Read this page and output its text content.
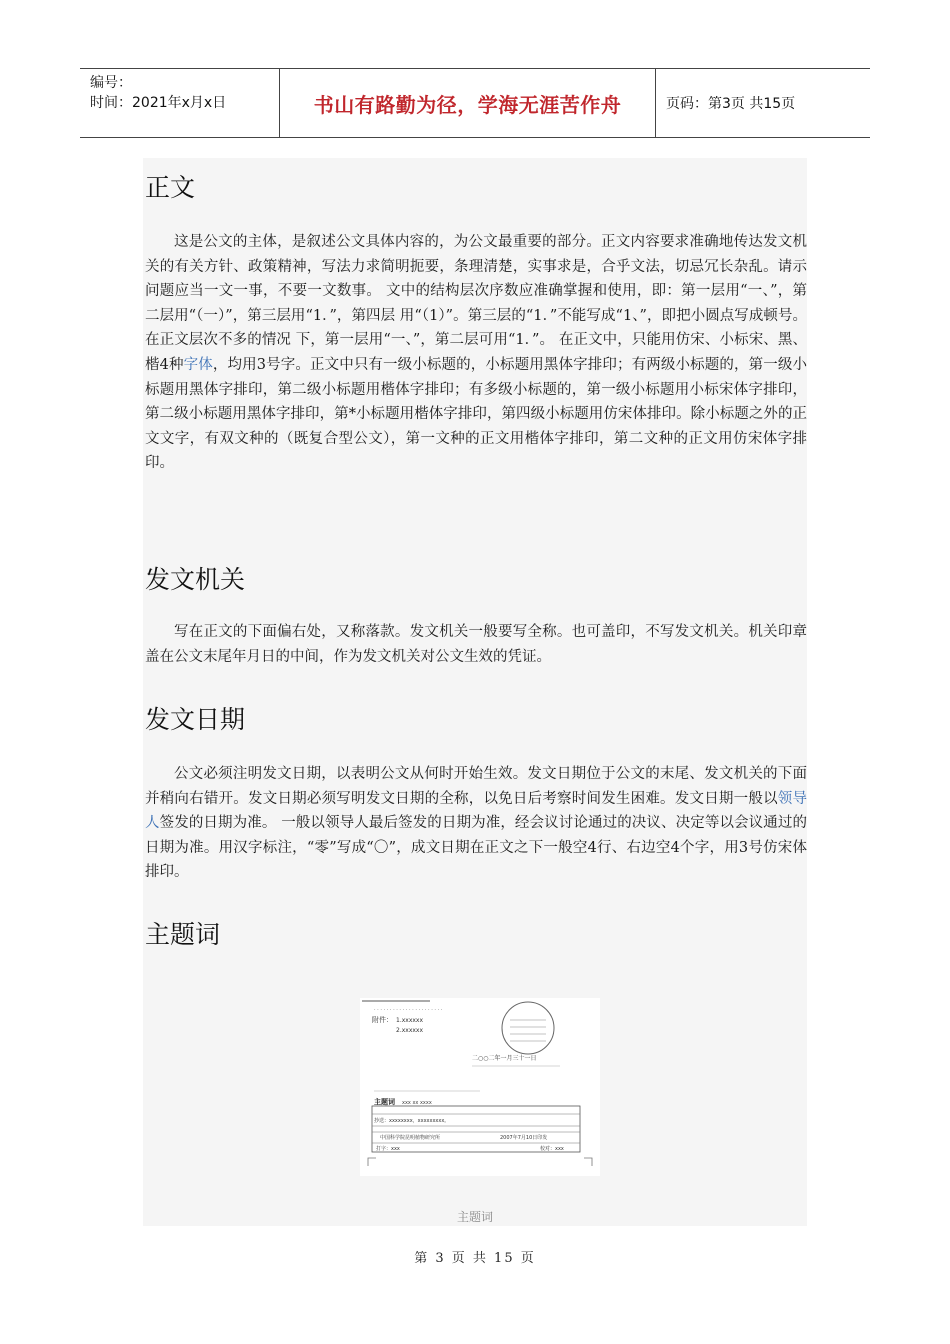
编号：
时间：2021年x月x日	书山有路勤为径，学海无涯苦作舟	页码：第3页 共15页
正文
这是公文的主体，是叙述公文具体内容的，为公文最重要的部分。正文内容要求准确地传达发文机关的有关方针、政策精神，写法力求简明扼要，条理清楚，实事求是，合乎文法，切忌冗长杂乱。请示问题应当一文一事，不要一文数事。 文中的结构层次序数应准确掌握和使用，即：第一层用“一、”，第二层用“（一）”，第三层用“1．”，第四层 用“（1）”。第三层的“1．”不能写成“1、”，即把小圆点写成顿号。在正文层次不多的情况 下，第一层用“一、”，第二层可用“1．”。 在正文中，只能用仿宋、小标宋、黑、楷4种字体，均用3号字。正文中只有一级小标题的，小标题用黑体字排印；有两级小标题的，第一级小标题用黑体字排印，第二级小标题用楷体字排印；有多级小标题的，第一级小标题用小标宋体字排印，第二级小标题用黑体字排印，第*小标题用楷体字排印，第四级小标题用仿宋体排印。除小标题之外的正文文字，有双文种的（既复合型公文），第一文种的正文用楷体字排印，第二文种的正文用仿宋体字排印。
发文机关
写在正文的下面偏右处，又称落款。发文机关一般要写全称。也可盖印，不写发文机关。机关印章盖在公文末尾年月日的中间，作为发文机关对公文生效的凭证。
发文日期
公文必须注明发文日期，以表明公文从何时开始生效。发文日期位于公文的末尾、发文机关的下面并稍向右错开。发文日期必须写明发文日期的全称，以免日后考察时间发生困难。发文日期一般以领导人签发的日期为准。 一般以领导人最后签发的日期为准，经会议讨论通过的决议、决定等以会议通过的日期为准。用汉字标注，“零”写成“〇”，成文日期在正文之下一般空4行、右边空4个字，用3号仿宋体排印。
主题词
· · · · · · · · · · · · · · · · · · · · · ·
附件： 1.xxxxxx
2.xxxxxx
二○○二年一月三十一日
主题词 xxx xx xxxx
抄送：xxxxxxxx，xxxxxxxxx。
中国科学院昆明植物研究所	2007年7月10日印发
打字：xxx	校对：xxx
主题词
第 3 页 共 15 页
